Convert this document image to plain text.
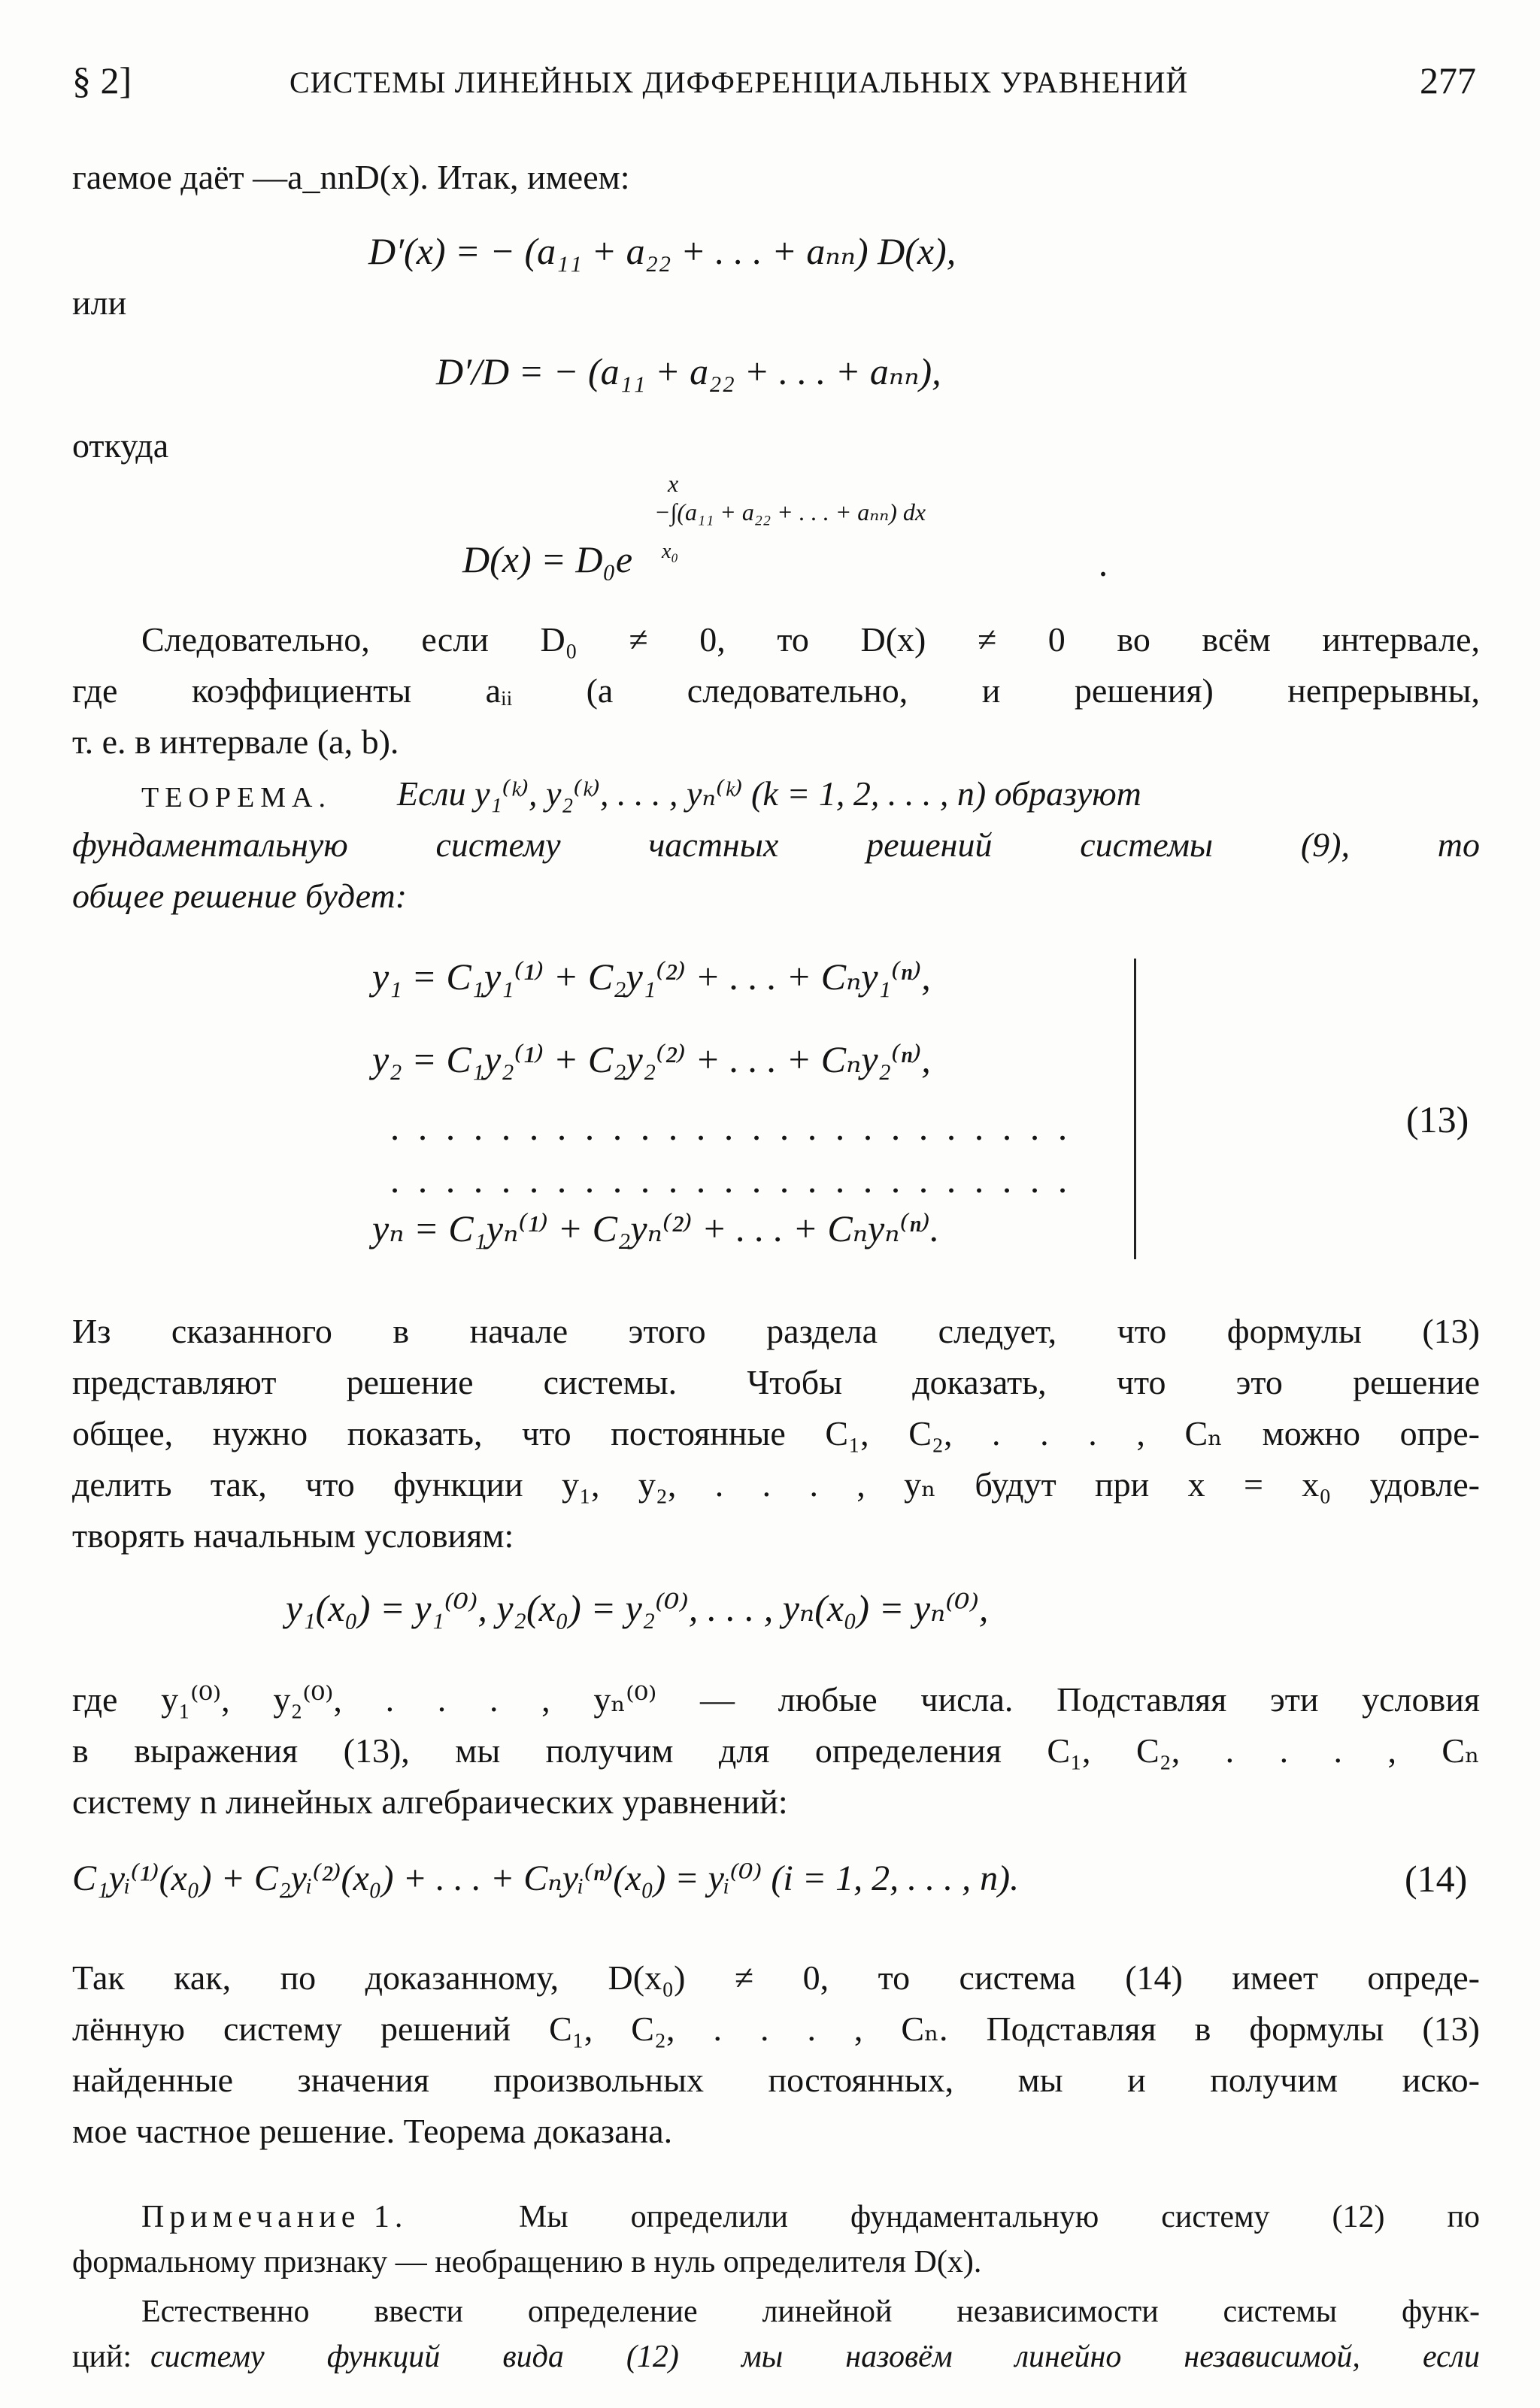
§ 2]	СИСТЕМЫ ЛИНЕЙНЫХ ДИФФЕРЕНЦИАЛЬНЫХ УРАВНЕНИЙ	277
гаемое даёт —a_nnD(x). Итак, имеем:
D′(x) = − (a₁₁ + a₂₂ + . . . + aₙₙ) D(x),
или
D′/D = − (a₁₁ + a₂₂ + . . . + aₙₙ),
откуда
x
−∫(a₁₁ + a₂₂ + . . . + aₙₙ) dx
x₀
D(x) = D₀e	.
Следовательно, если D₀ ≠ 0, то D(x) ≠ 0 во всём интервале,
где коэффициенты aᵢᵢ (а следовательно, и решения) непрерывны,
т. е. в интервале (a, b).
ТЕОРЕМА. Если y₁⁽ᵏ⁾, y₂⁽ᵏ⁾, . . . , yₙ⁽ᵏ⁾ (k = 1, 2, . . . , n) образуют
фундаментальную систему частных решений системы (9), то
общее решение будет:
y₁ = C₁y₁⁽¹⁾ + C₂y₁⁽²⁾ + . . . + Cₙy₁⁽ⁿ⁾,
y₂ = C₁y₂⁽¹⁾ + C₂y₂⁽²⁾ + . . . + Cₙy₂⁽ⁿ⁾,
. . . . . . . . . . . . . . . . . . . . . . . . .
. . . . . . . . . . . . . . . . . . . . . . . . .
yₙ = C₁yₙ⁽¹⁾ + C₂yₙ⁽²⁾ + . . . + Cₙyₙ⁽ⁿ⁾.
(13)
Из сказанного в начале этого раздела следует, что формулы (13)
представляют решение системы. Чтобы доказать, что это решение
общее, нужно показать, что постоянные C₁, C₂, . . . , Cₙ можно опре-
делить так, что функции y₁, y₂, . . . , yₙ будут при x = x₀ удовле-
творять начальным условиям:
y₁(x₀) = y₁⁽⁰⁾, y₂(x₀) = y₂⁽⁰⁾, . . . , yₙ(x₀) = yₙ⁽⁰⁾,
где y₁⁽⁰⁾, y₂⁽⁰⁾, . . . , yₙ⁽⁰⁾ — любые числа. Подставляя эти условия
в выражения (13), мы получим для определения C₁, C₂, . . . , Cₙ
систему n линейных алгебраических уравнений:
C₁yᵢ⁽¹⁾(x₀) + C₂yᵢ⁽²⁾(x₀) + . . . + Cₙyᵢ⁽ⁿ⁾(x₀) = yᵢ⁽⁰⁾ (i = 1, 2, . . . , n).	(14)
Так как, по доказанному, D(x₀) ≠ 0, то система (14) имеет опреде-
лённую систему решений C₁, C₂, . . . , Cₙ. Подставляя в формулы (13)
найденные значения произвольных постоянных, мы и получим иско-
мое частное решение. Теорема доказана.
Примечание 1.	Мы определили фундаментальную систему (12) по
формальному признаку — необращению в нуль определителя D(x).
Естественно ввести определение линейной независимости системы функ-
ций: систему функций вида (12) мы назовём линейно независимой, если
